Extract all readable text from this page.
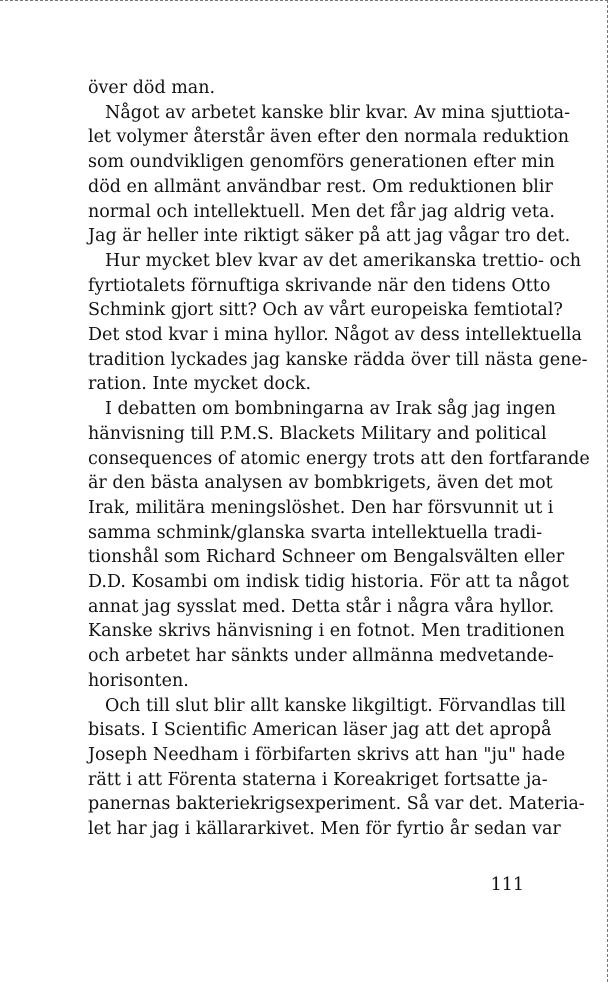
över död man.
Något av arbetet kanske blir kvar. Av mina sjuttiota-
let volymer återstår även efter den normala reduktion
som oundvikligen genomförs generationen efter min
död en allmänt användbar rest. Om reduktionen blir
normal och intellektuell. Men det får jag aldrig veta.
Jag är heller inte riktigt säker på att jag vågar tro det.
Hur mycket blev kvar av det amerikanska trettio- och
fyrtiotalets förnuftiga skrivande när den tidens Otto
Schmink gjort sitt? Och av vårt europeiska femtiotal?
Det stod kvar i mina hyllor. Något av dess intellektuella
tradition lyckades jag kanske rädda över till nästa gene-
ration. Inte mycket dock.
I debatten om bombningarna av Irak såg jag ingen
hänvisning till P.M.S. Blackets Military and political
consequences of atomic energy trots att den fortfarande
är den bästa analysen av bombkrigets, även det mot
Irak, militära meningslöshet. Den har försvunnit ut i
samma schmink/glanska svarta intellektuella tradi-
tionshål som Richard Schneer om Bengalsvälten eller
D.D. Kosambi om indisk tidig historia. För att ta något
annat jag sysslat med. Detta står i några våra hyllor.
Kanske skrivs hänvisning i en fotnot. Men traditionen
och arbetet har sänkts under allmänna medvetande-
horisonten.
Och till slut blir allt kanske likgiltigt. Förvandlas till
bisats. I Scientific American läser jag att det apropå
Joseph Needham i förbifarten skrivs att han "ju" hade
rätt i att Förenta staterna i Koreakriget fortsatte ja-
panernas bakteriekrigsexperiment. Så var det. Materia-
let har jag i källararkivet. Men för fyrtio år sedan var
111
